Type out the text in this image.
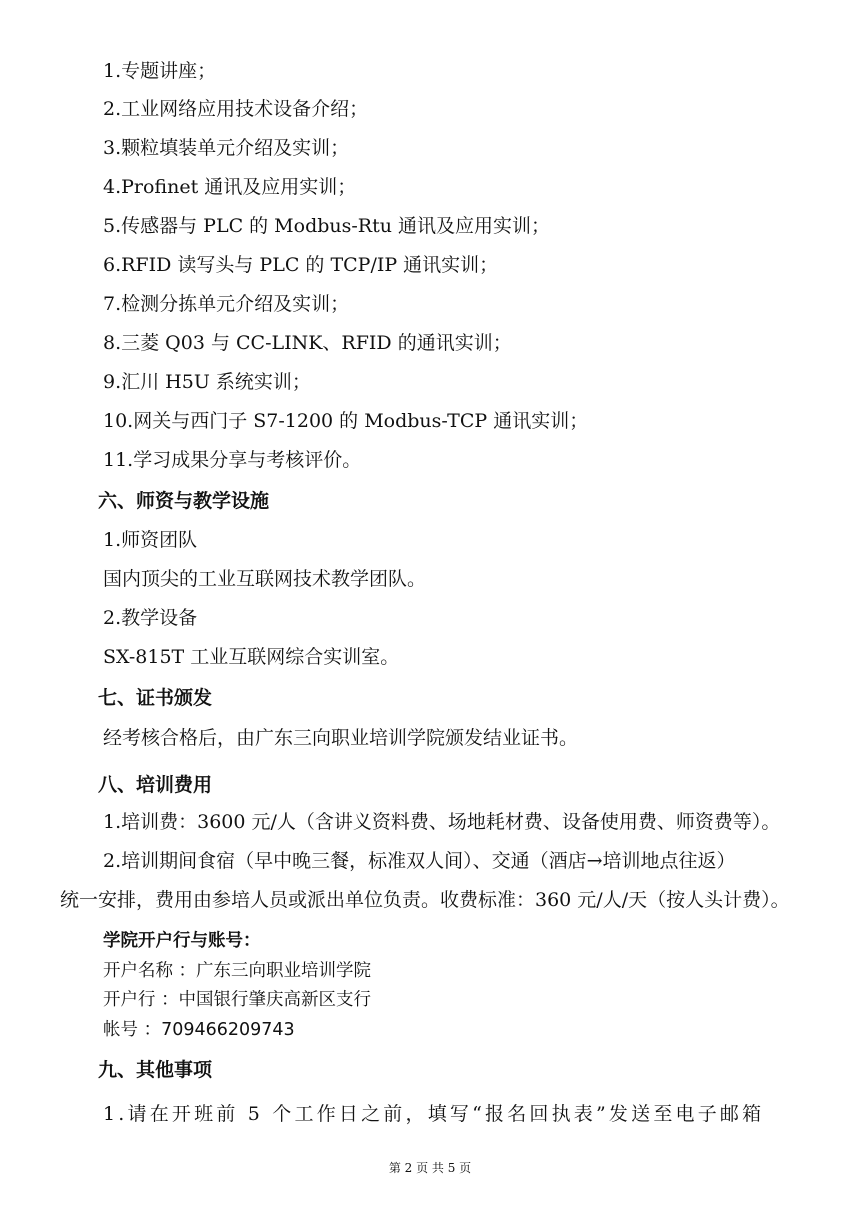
1.专题讲座；
2.工业网络应用技术设备介绍；
3.颗粒填装单元介绍及实训；
4.Profinet 通讯及应用实训；
5.传感器与 PLC 的 Modbus-Rtu 通讯及应用实训；
6.RFID 读写头与 PLC 的 TCP/IP 通讯实训；
7.检测分拣单元介绍及实训；
8.三菱 Q03 与 CC-LINK、RFID 的通讯实训；
9.汇川 H5U 系统实训；
10.网关与西门子 S7-1200 的 Modbus-TCP 通讯实训；
11.学习成果分享与考核评价。
六、师资与教学设施
1.师资团队
国内顶尖的工业互联网技术教学团队。
2.教学设备
SX-815T 工业互联网综合实训室。
七、证书颁发
经考核合格后，由广东三向职业培训学院颁发结业证书。
八、培训费用
1.培训费：3600 元/人（含讲义资料费、场地耗材费、设备使用费、师资费等）。
2.培训期间食宿（早中晚三餐，标准双人间）、交通（酒店→培训地点往返）
统一安排，费用由参培人员或派出单位负责。收费标准：360 元/人/天（按人头计费）。
学院开户行与账号：
开户名称 ：广东三向职业培训学院
开户行 ：中国银行肇庆高新区支行
帐号 ：709466209743
九、其他事项
1.请在开班前 5 个工作日之前，填写“报名回执表”发送至电子邮箱
第 2 页 共 5 页
